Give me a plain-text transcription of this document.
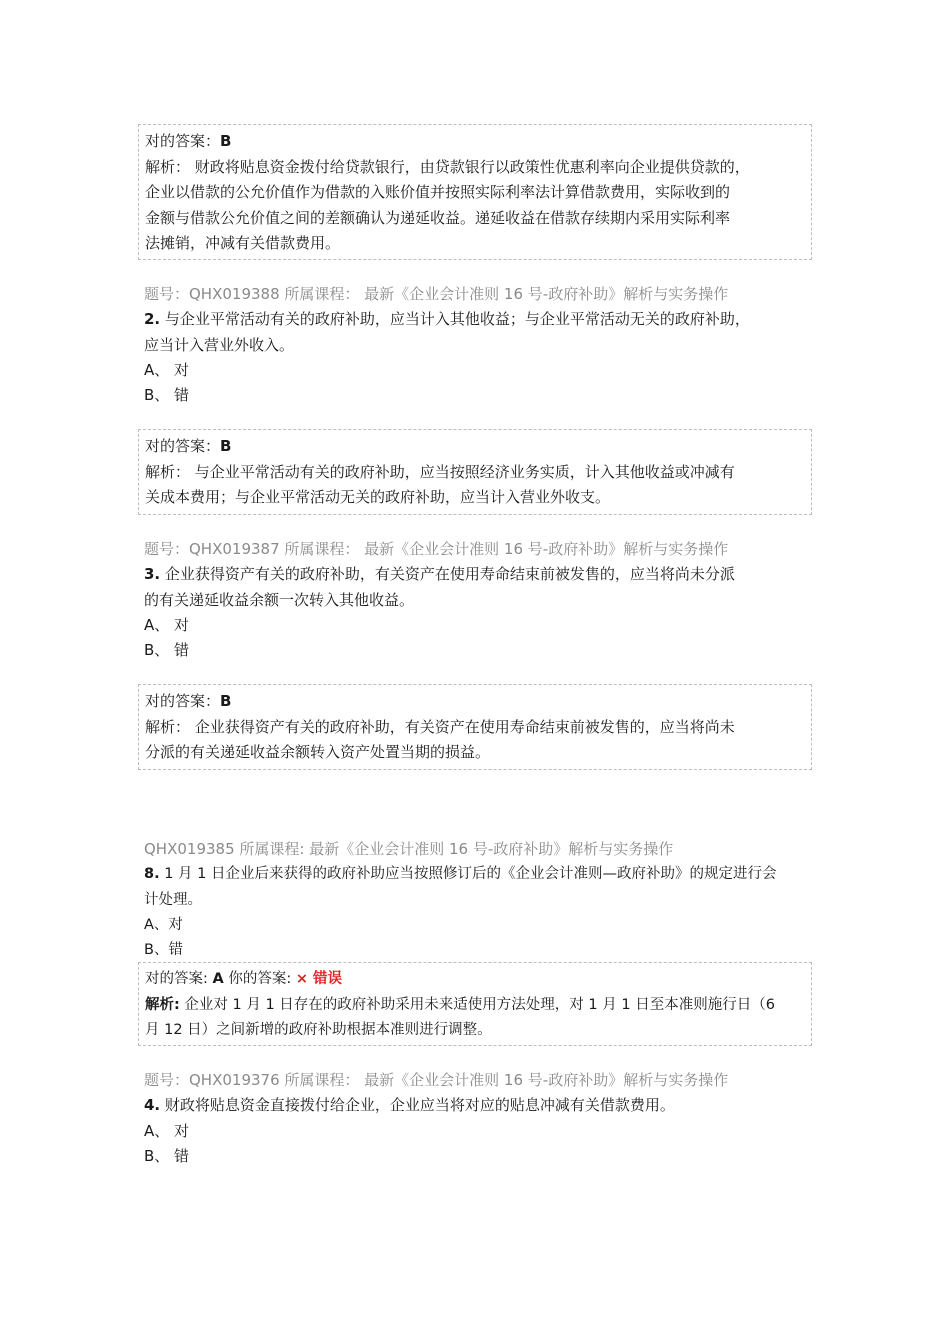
对的答案：B
解析： 财政将贴息资金拨付给贷款银行，由贷款银行以政策性优惠利率向企业提供贷款的，
企业以借款的公允价值作为借款的入账价值并按照实际利率法计算借款费用，实际收到的
金额与借款公允价值之间的差额确认为递延收益。递延收益在借款存续期内采用实际利率
法摊销，冲减有关借款费用。
题号：QHX019388 所属课程： 最新《企业会计准则 16 号-政府补助》解析与实务操作
2. 与企业平常活动有关的政府补助，应当计入其他收益；与企业平常活动无关的政府补助，
应当计入营业外收入。
A、 对
B、 错
对的答案：B
解析： 与企业平常活动有关的政府补助，应当按照经济业务实质，计入其他收益或冲减有
关成本费用；与企业平常活动无关的政府补助，应当计入营业外收支。
题号：QHX019387 所属课程： 最新《企业会计准则 16 号-政府补助》解析与实务操作
3. 企业获得资产有关的政府补助，有关资产在使用寿命结束前被发售的，应当将尚未分派
的有关递延收益余额一次转入其他收益。
A、 对
B、 错
对的答案：B
解析： 企业获得资产有关的政府补助，有关资产在使用寿命结束前被发售的，应当将尚未
分派的有关递延收益余额转入资产处置当期的损益。
QHX019385 所属课程: 最新《企业会计准则 16 号-政府补助》解析与实务操作
8. 1 月 1 日企业后来获得的政府补助应当按照修订后的《企业会计准则—政府补助》的规定进行会
计处理。
A、对
B、错
对的答案: A 你的答案: × 错误
解析: 企业对 1 月 1 日存在的政府补助采用未来适使用方法处理，对 1 月 1 日至本准则施行日（6
月 12 日）之间新增的政府补助根据本准则进行调整。
题号：QHX019376 所属课程： 最新《企业会计准则 16 号-政府补助》解析与实务操作
4. 财政将贴息资金直接拨付给企业，企业应当将对应的贴息冲减有关借款费用。
A、 对
B、 错
